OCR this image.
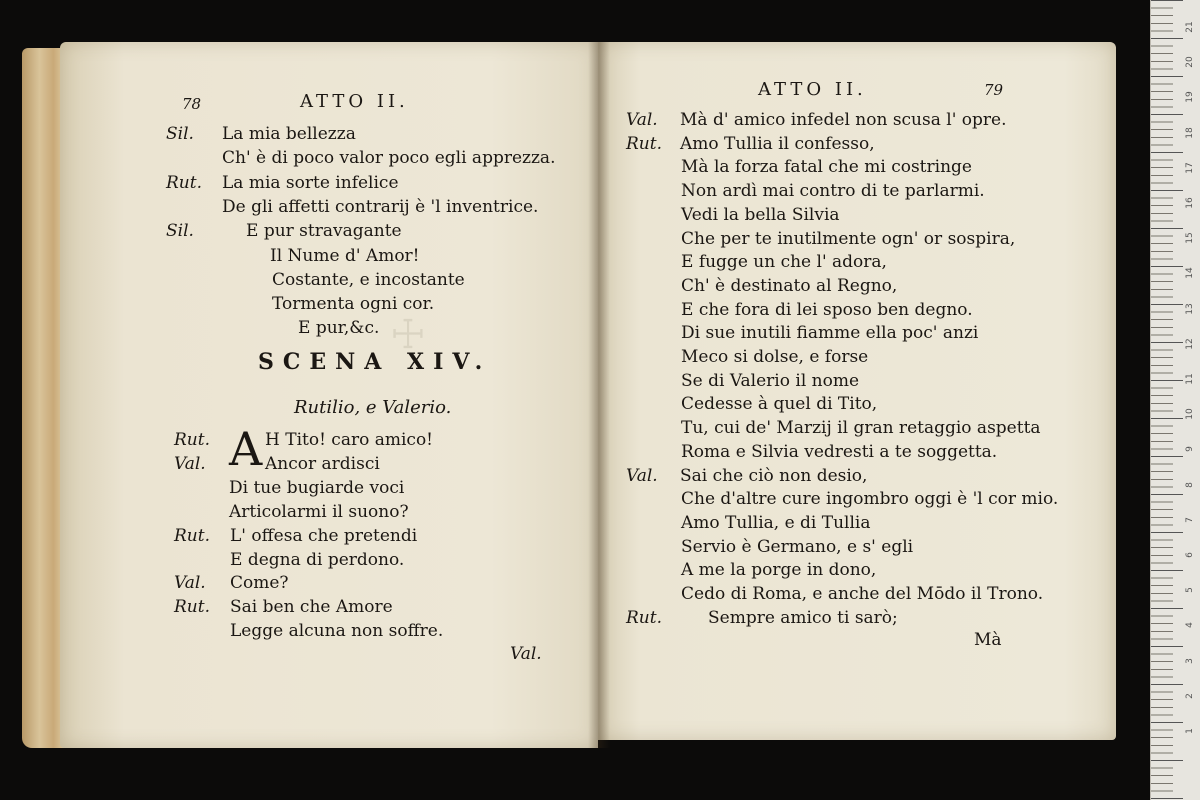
☩
78	ATTO II.
Sil. La mia bellezza
Ch' è di poco valor poco egli apprezza.
Rut. La mia sorte infelice
De gli affetti contrarij è 'l inventrice.
Sil.	E pur stravagante
Il Nume d' Amor!
Costante, e incostante
Tormenta ogni cor.
E pur,&c.
SCENA XIV.
Rutilio, e Valerio.
A
Rut.	H Tito! caro amico!
Val.	Ancor ardisci
Di tue bugiarde voci
Articolarmi il suono?
Rut. L' offesa che pretendi
E degna di perdono.
Val. Come?
Rut. Sai ben che Amore
Legge alcuna non soffre.
Val.
ATTO II.	79
Val. Mà d' amico infedel non scusa l' opre.
Rut. Amo Tullia il confesso,
Mà la forza fatal che mi costringe
Non ardì mai contro di te parlarmi.
Vedi la bella Silvia
Che per te inutilmente ogn' or sospira,
E fugge un che l' adora,
Ch' è destinato al Regno,
E che fora di lei sposo ben degno.
Di sue inutili fiamme ella poc' anzi
Meco si dolse, e forse
Se di Valerio il nome
Cedesse à quel di Tito,
Tu, cui de' Marzij il gran retaggio aspetta
Roma e Silvia vedresti a te soggetta.
Val. Sai che ciò non desio,
Che d'altre cure ingombro oggi è 'l cor mio.
Amo Tullia, e di Tullia
Servio è Germano, e s' egli
A me la porge in dono,
Cedo di Roma, e anche del Mōdo il Trono.
Rut.	Sempre amico ti sarò;
Mà
21
20
19
18
17
16
15
14
13
12
11
10
9
8
7
6
5
4
3
2
1
